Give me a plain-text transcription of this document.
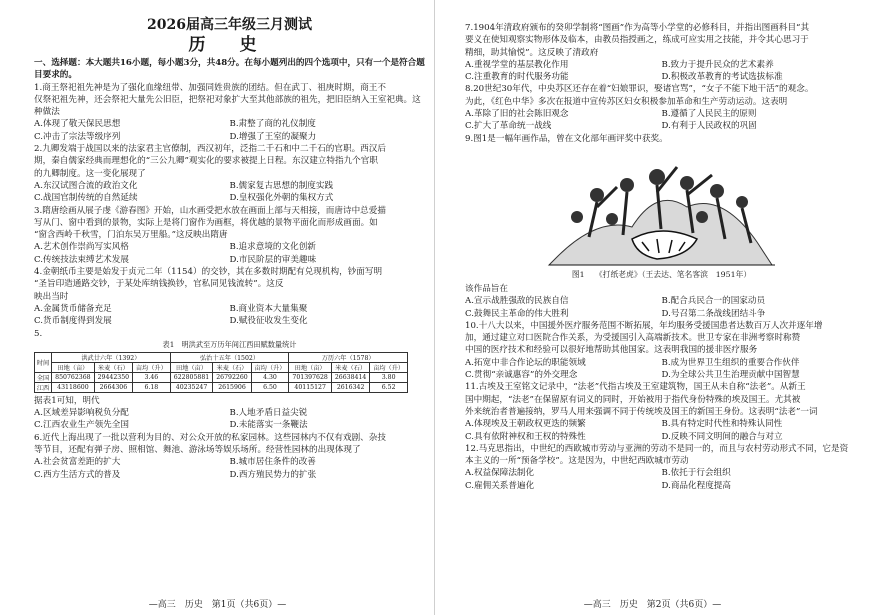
2026届高三年级三月测试
历 史

一、选择题：本大题共16小题，每小题3分，共48分。在每小题列出的四个选项中，只有一个是符合题目要求的。

1.商王祭祀祖先神是为了强化血缘纽带、加强同姓贵族的团结。但在武丁、祖庚时期，商王不

仅祭祀祖先神，还会祭祀大量先公旧臣，把祭祀对象扩大至其他部族的祖先，把旧臣纳入王室祀典。这种做法

A.体现了敬天保民思想	B.肃整了商的礼仪制度
C.冲击了宗法等级序列	D.增强了王室的凝聚力

2.九卿发端于战国以来的法家君主官僚制，西汉初年，泛指二千石和中二千石的官职。西汉后

期，秦自儒家经典而理想化的“三公九卿”观实化的要求被提上日程。东汉建立特指九个官职

的九卿制度。这一变化展现了

A.东汉试图合流的政治文化	B.儒家复古思想的制度实践
C.战国官制传统的自然延续	D.皇权强化外朝的集权方式

3.隋唐绘画从展子虔《游春图》开始，山水画受把水放在画面上部与天相接，而唐诗中总爱描

写从门、窗中看到的景物，实际上是将门窗作为画框，将优越的景物平面化而形成画面。如

“窗含西岭千秋雪，门泊东吴万里船。”这反映出隋唐

A.艺术创作崇尚写实风格	B.追求意境的文化创新
C.传统技法束缚艺术发展	D.市民阶层的审美趣味

4.金朝纸币主要是始发于贞元二年（1154）的交钞，其在多数时期配有兑现机构，钞面写明

“圣旨印造通路交钞，于某处库纳钱换钞，官私同见钱流转”。这反

映出当时

A.金属货币储备充足	B.商业资本大量集聚
C.货币制度得到发展	D.赋役征收发生变化

5.

表1　明洪武至万历年间江西田赋数量统计
时间	洪武廿六年（1392）			弘治十五年（1502）			万历六年（1578）		
	田地（亩）	米麦（石）	亩均（升）	田地（亩）	米麦（石）	亩均（升）	田地（亩）	米麦（石）	亩均（升）
全国	850762368	29442350	3.46	622805881	26792260	4.30	701397628	26638414	3.80
江西	43118600	2664306	6.18	40235247	2615906	6.50	40115127	2616342	6.52

据表1可知，明代

A.区域差异影响税负分配	B.人地矛盾日益尖锐
C.江西农业生产领先全国	D.未能落实一条鞭法

6.近代上海出现了一批以营利为目的、对公众开放的私家园林。这些园林内不仅有戏剧、杂技

等节目，还配有弹子房、照相馆、舞池、游泳场等娱乐场所。经营性园林的出现体现了

A.社会贫富差距的扩大	B.城市居住条件的改善
C.西方生活方式的普及	D.西方殖民势力的扩张
—高三　历史　第1页（共6页）—

7.1904年清政府颁布的癸卯学制将“图画”作为高等小学堂的必修科目，并指出图画科目“其

要义在使知观察实物形体及临本，由教员指授画之，练成可应实用之技能，并令其心思习于

精细，助其愉悦”。这反映了清政府

A.重视学堂的基层教化作用	B.致力于提升民众的艺术素养
C.注重教育的时代服务功能	D.积极改革教育的考试选拔标准

8.20世纪30年代，中央苏区还存在着“妇娘罪识，娶诸官骂”，“女子不能下地干活”的观念。

为此，《红色中华》多次在报道中宣传苏区妇女积极参加革命和生产劳动运动。这表明

A.革除了旧的社会陈旧观念	B.遵循了人民民主的原则
C.扩大了革命统一战线	D.有利于人民政权的巩固

9.图1是一幅年画作品，曾在文化部年画评奖中获奖。

图1　 《打纸老虎》（王去达、笔名客滨　1951年）

该作品旨在

A.宣示战胜强敌的民族自信	B.配合兵民合一的国家动员
C.鼓舞民主革命的伟大胜利	D.号召第二条战线团结斗争

10.十八大以来，中国援外医疗服务范围不断拓展，年均服务受援国患者达数百万人次并逐年增

加，通过建立对口医院合作关系，为受援国引入高端新技术。世卫专家在非洲考察时称赞

中国的医疗技术和经验可以很好地帮助其他国家。这表明我国的援非医疗服务

A.拓宽中非合作论坛的职能领域	B.成为世界卫生组织的重要合作伙伴
C.贯彻“亲诚惠容”的外交理念	D.为全球公共卫生治理贡献中国智慧

11.古埃及王室铭文记录中，“法老”代指古埃及王室建筑物，国王从未自称“法老”。从新王

国中期起，“法老”在保留原有词义的同时，开始被用于指代身份特殊的埃及国王。尤其被

外来统治者普遍接纳，罗马人用来强调不同于传统埃及国王的新国王身份。这表明“法老”一词

A.体现埃及王朝政权更迭的频繁	B.具有特定时代性和特殊认同性
C.具有依附神权和王权的特殊性	D.反映不同文明间的融合与对立

12.马克思指出，中世纪的西欧城市劳动与亚洲的劳动不是同一的，而且与农村劳动形式不同，它是资

本主义的一所“预备学校”。这是因为，中世纪西欧城市劳动

A.权益保障法制化	B.依托于行会组织
C.雇佣关系普遍化	D.商品化程度提高
—高三　历史　第2页（共6页）—
